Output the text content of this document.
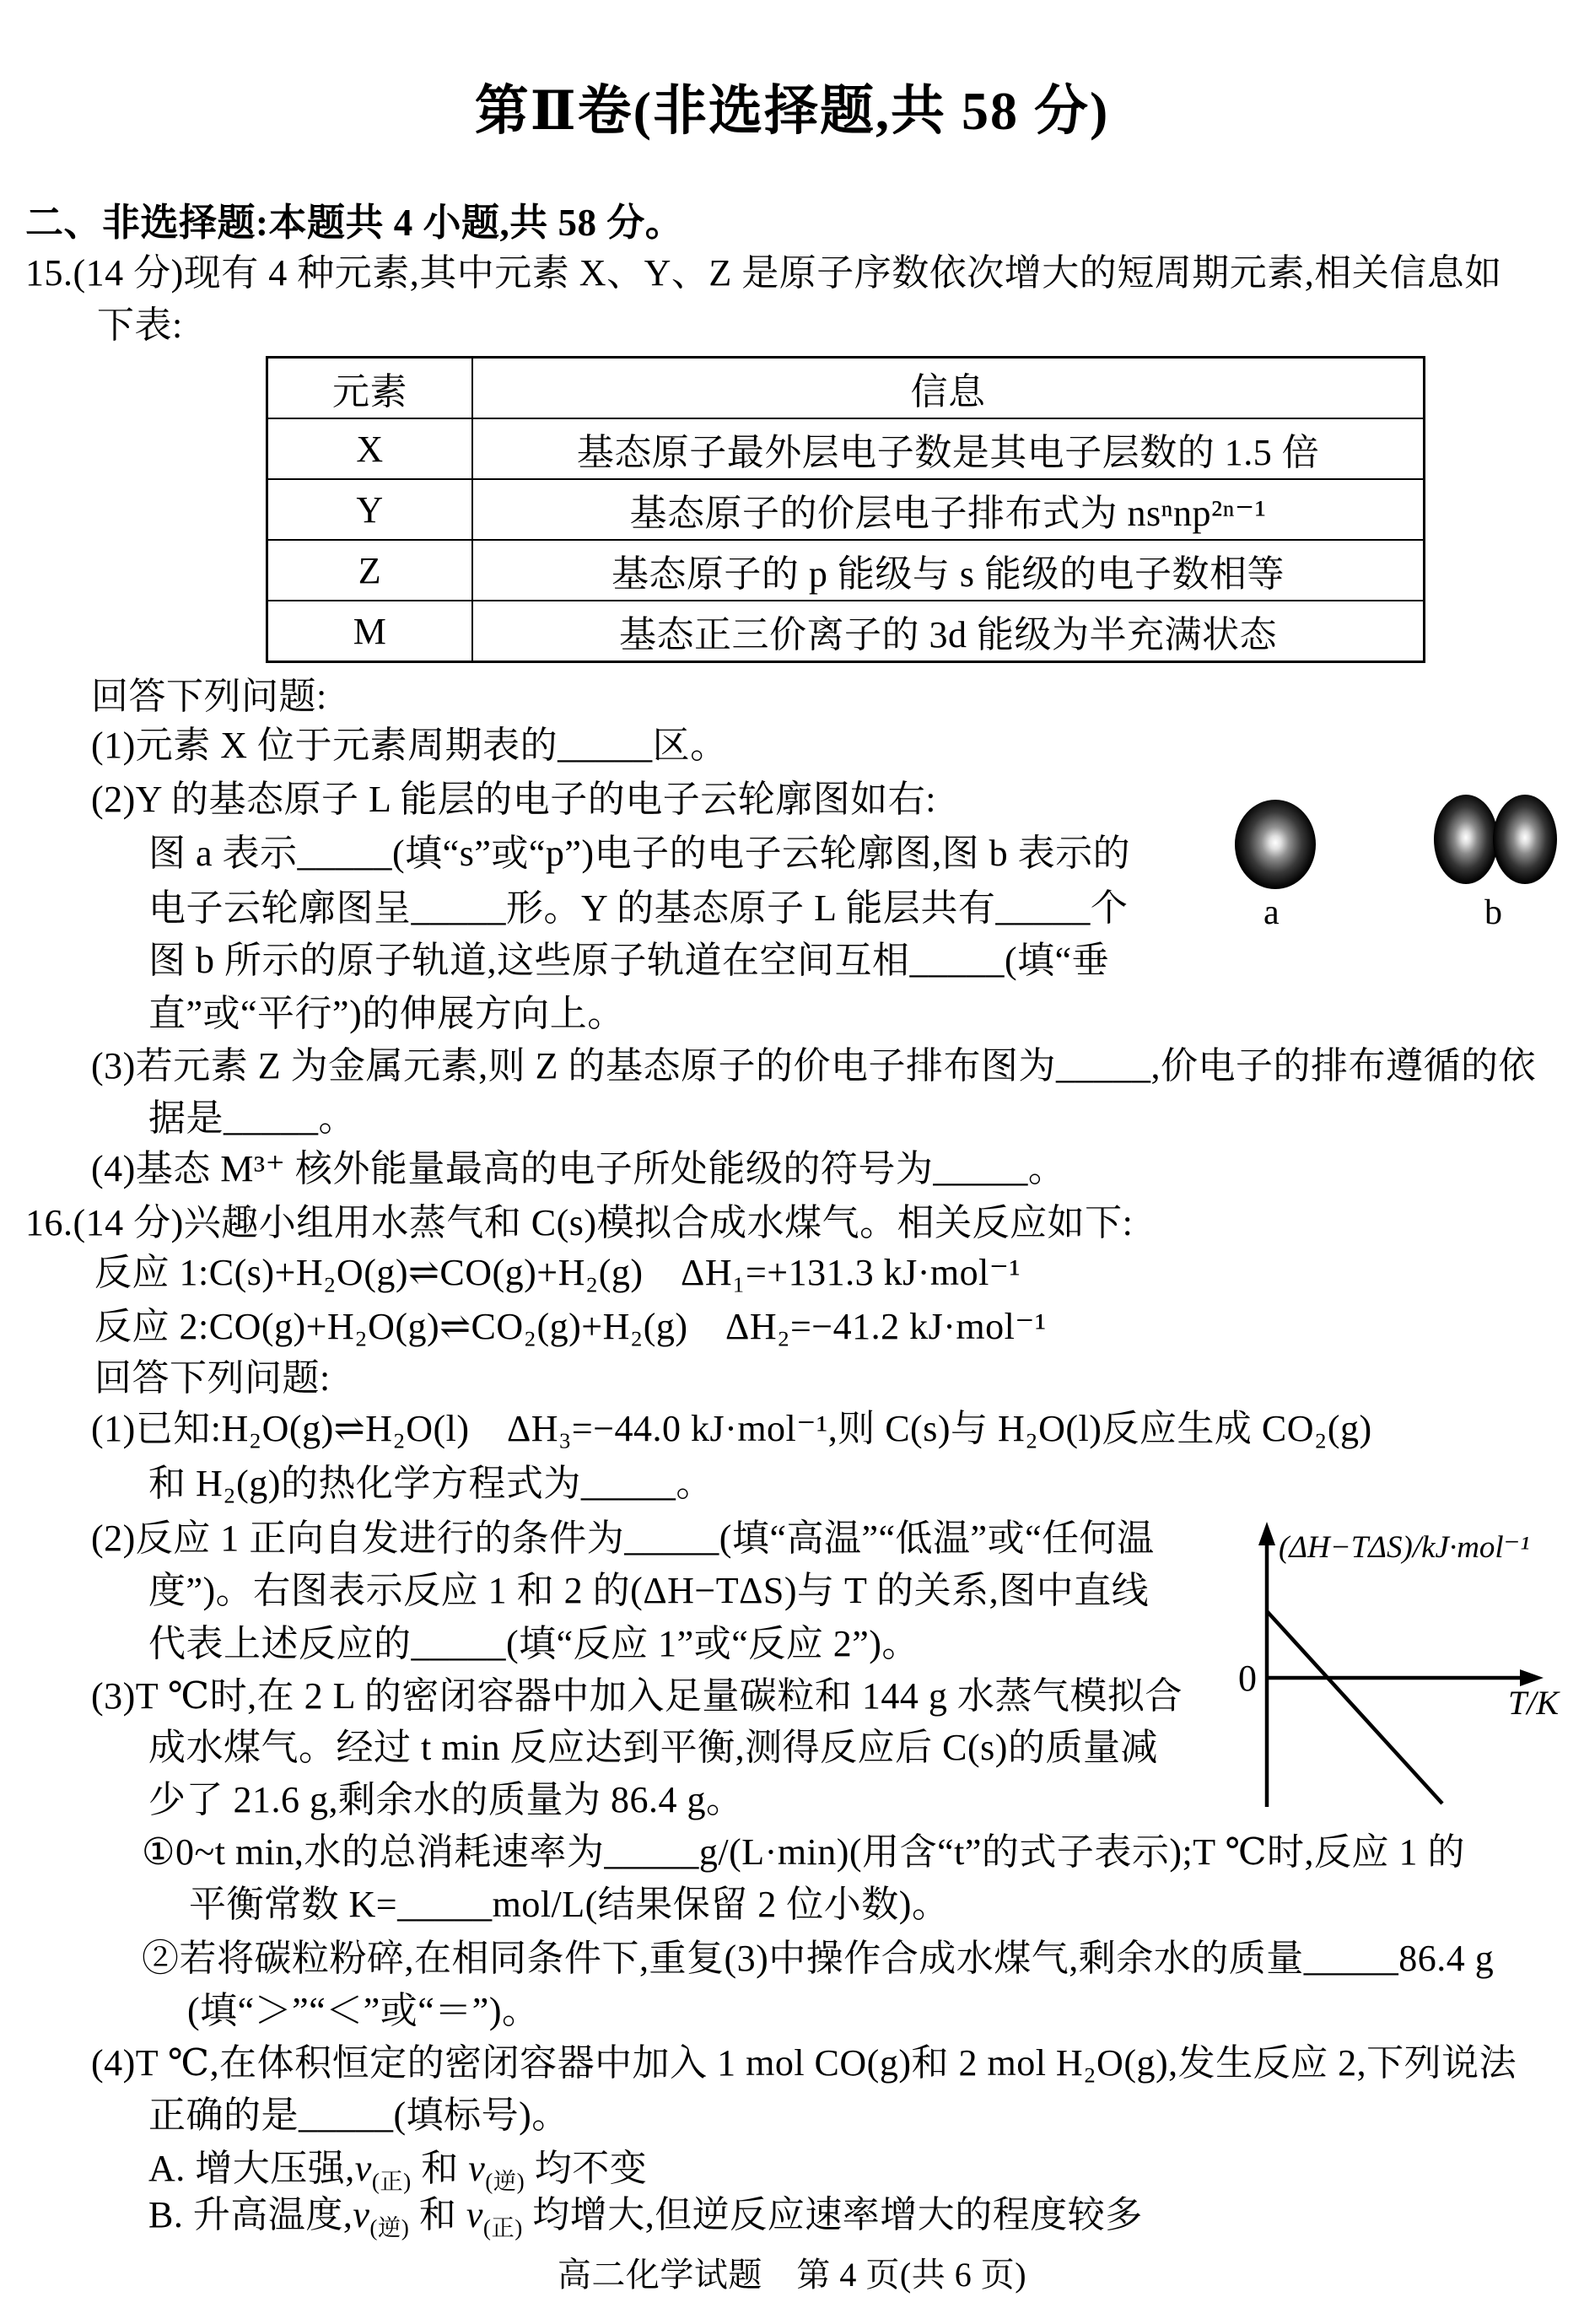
第Ⅱ卷(非选择题,共 58 分)
二、非选择题:本题共 4 小题,共 58 分。
15.(14 分)现有 4 种元素,其中元素 X、Y、Z 是原子序数依次增大的短周期元素,相关信息如
下表:
元素	信息
X	基态原子最外层电子数是其电子层数的 1.5 倍
Y	基态原子的价层电子排布式为 nsⁿnp²ⁿ⁻¹
Z	基态原子的 p 能级与 s 能级的电子数相等
M	基态正三价离子的 3d 能级为半充满状态
回答下列问题:
(1)元素 X 位于元素周期表的_____区。
(2)Y 的基态原子 L 能层的电子的电子云轮廓图如右:
图 a 表示_____(填“s”或“p”)电子的电子云轮廓图,图 b 表示的
电子云轮廓图呈_____形。Y 的基态原子 L 能层共有_____个
图 b 所示的原子轨道,这些原子轨道在空间互相_____(填“垂
直”或“平行”)的伸展方向上。
(3)若元素 Z 为金属元素,则 Z 的基态原子的价电子排布图为_____,价电子的排布遵循的依
据是_____。
(4)基态 M³⁺ 核外能量最高的电子所处能级的符号为_____。
a	b
16.(14 分)兴趣小组用水蒸气和 C(s)模拟合成水煤气。相关反应如下:
反应 1:C(s)+H₂O(g)⇌CO(g)+H₂(g)　ΔH₁=+131.3 kJ·mol⁻¹
反应 2:CO(g)+H₂O(g)⇌CO₂(g)+H₂(g)　ΔH₂=−41.2 kJ·mol⁻¹
回答下列问题:
(1)已知:H₂O(g)⇌H₂O(l)　ΔH₃=−44.0 kJ·mol⁻¹,则 C(s)与 H₂O(l)反应生成 CO₂(g)
和 H₂(g)的热化学方程式为_____。
(2)反应 1 正向自发进行的条件为_____(填“高温”“低温”或“任何温
度”)。右图表示反应 1 和 2 的(ΔH−TΔS)与 T 的关系,图中直线
代表上述反应的_____(填“反应 1”或“反应 2”)。
(3)T ℃时,在 2 L 的密闭容器中加入足量碳粒和 144 g 水蒸气模拟合
成水煤气。经过 t min 反应达到平衡,测得反应后 C(s)的质量减
少了 21.6 g,剩余水的质量为 86.4 g。
①0~t min,水的总消耗速率为_____g/(L·min)(用含“t”的式子表示);T ℃时,反应 1 的
平衡常数 K=_____mol/L(结果保留 2 位小数)。
②若将碳粒粉碎,在相同条件下,重复(3)中操作合成水煤气,剩余水的质量_____86.4 g
(填“＞”“＜”或“＝”)。
(4)T ℃,在体积恒定的密闭容器中加入 1 mol CO(g)和 2 mol H₂O(g),发生反应 2,下列说法
正确的是_____(填标号)。
A. 增大压强$,v_{(正)}$ 和 $v_{(逆)}$ 均不变
B. 升高温度$,v_{(逆)}$ 和 $v_{(正)}$ 均增大,但逆反应速率增大的程度较多
0
(ΔH−TΔS)/kJ·mol⁻¹
T/K
高二化学试题　第 4 页(共 6 页)
